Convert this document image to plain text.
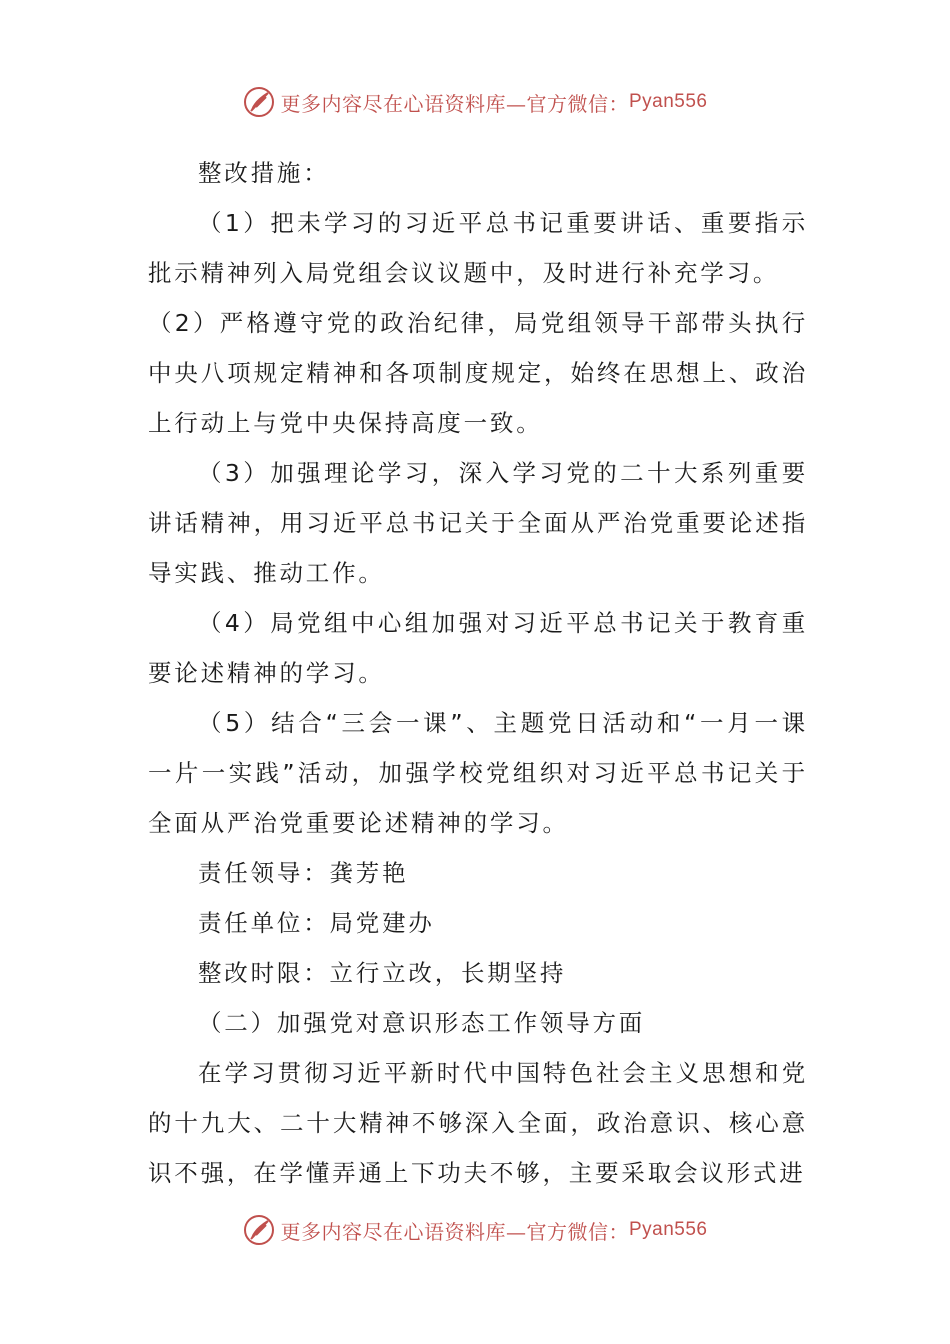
更多内容尽在心语资料库—官方微信： Pyan556

整改措施：

（1）把未学习的习近平总书记重要讲话、重要指示批示精神列入局党组会议议题中，及时进行补充学习。

（2）严格遵守党的政治纪律，局党组领导干部带头执行中央八项规定精神和各项制度规定，始终在思想上、政治上行动上与党中央保持高度一致。

（3）加强理论学习，深入学习党的二十大系列重要讲话精神，用习近平总书记关于全面从严治党重要论述指导实践、推动工作。

（4）局党组中心组加强对习近平总书记关于教育重要论述精神的学习。

（5）结合“三会一课”、主题党日活动和“一月一课一片一实践”活动，加强学校党组织对习近平总书记关于全面从严治党重要论述精神的学习。

责任领导：龚芳艳

责任单位：局党建办

整改时限：立行立改，长期坚持

（二）加强党对意识形态工作领导方面

在学习贯彻习近平新时代中国特色社会主义思想和党的十九大、二十大精神不够深入全面，政治意识、核心意识不强，在学懂弄通上下功夫不够，主要采取会议形式进

更多内容尽在心语资料库—官方微信： Pyan556
